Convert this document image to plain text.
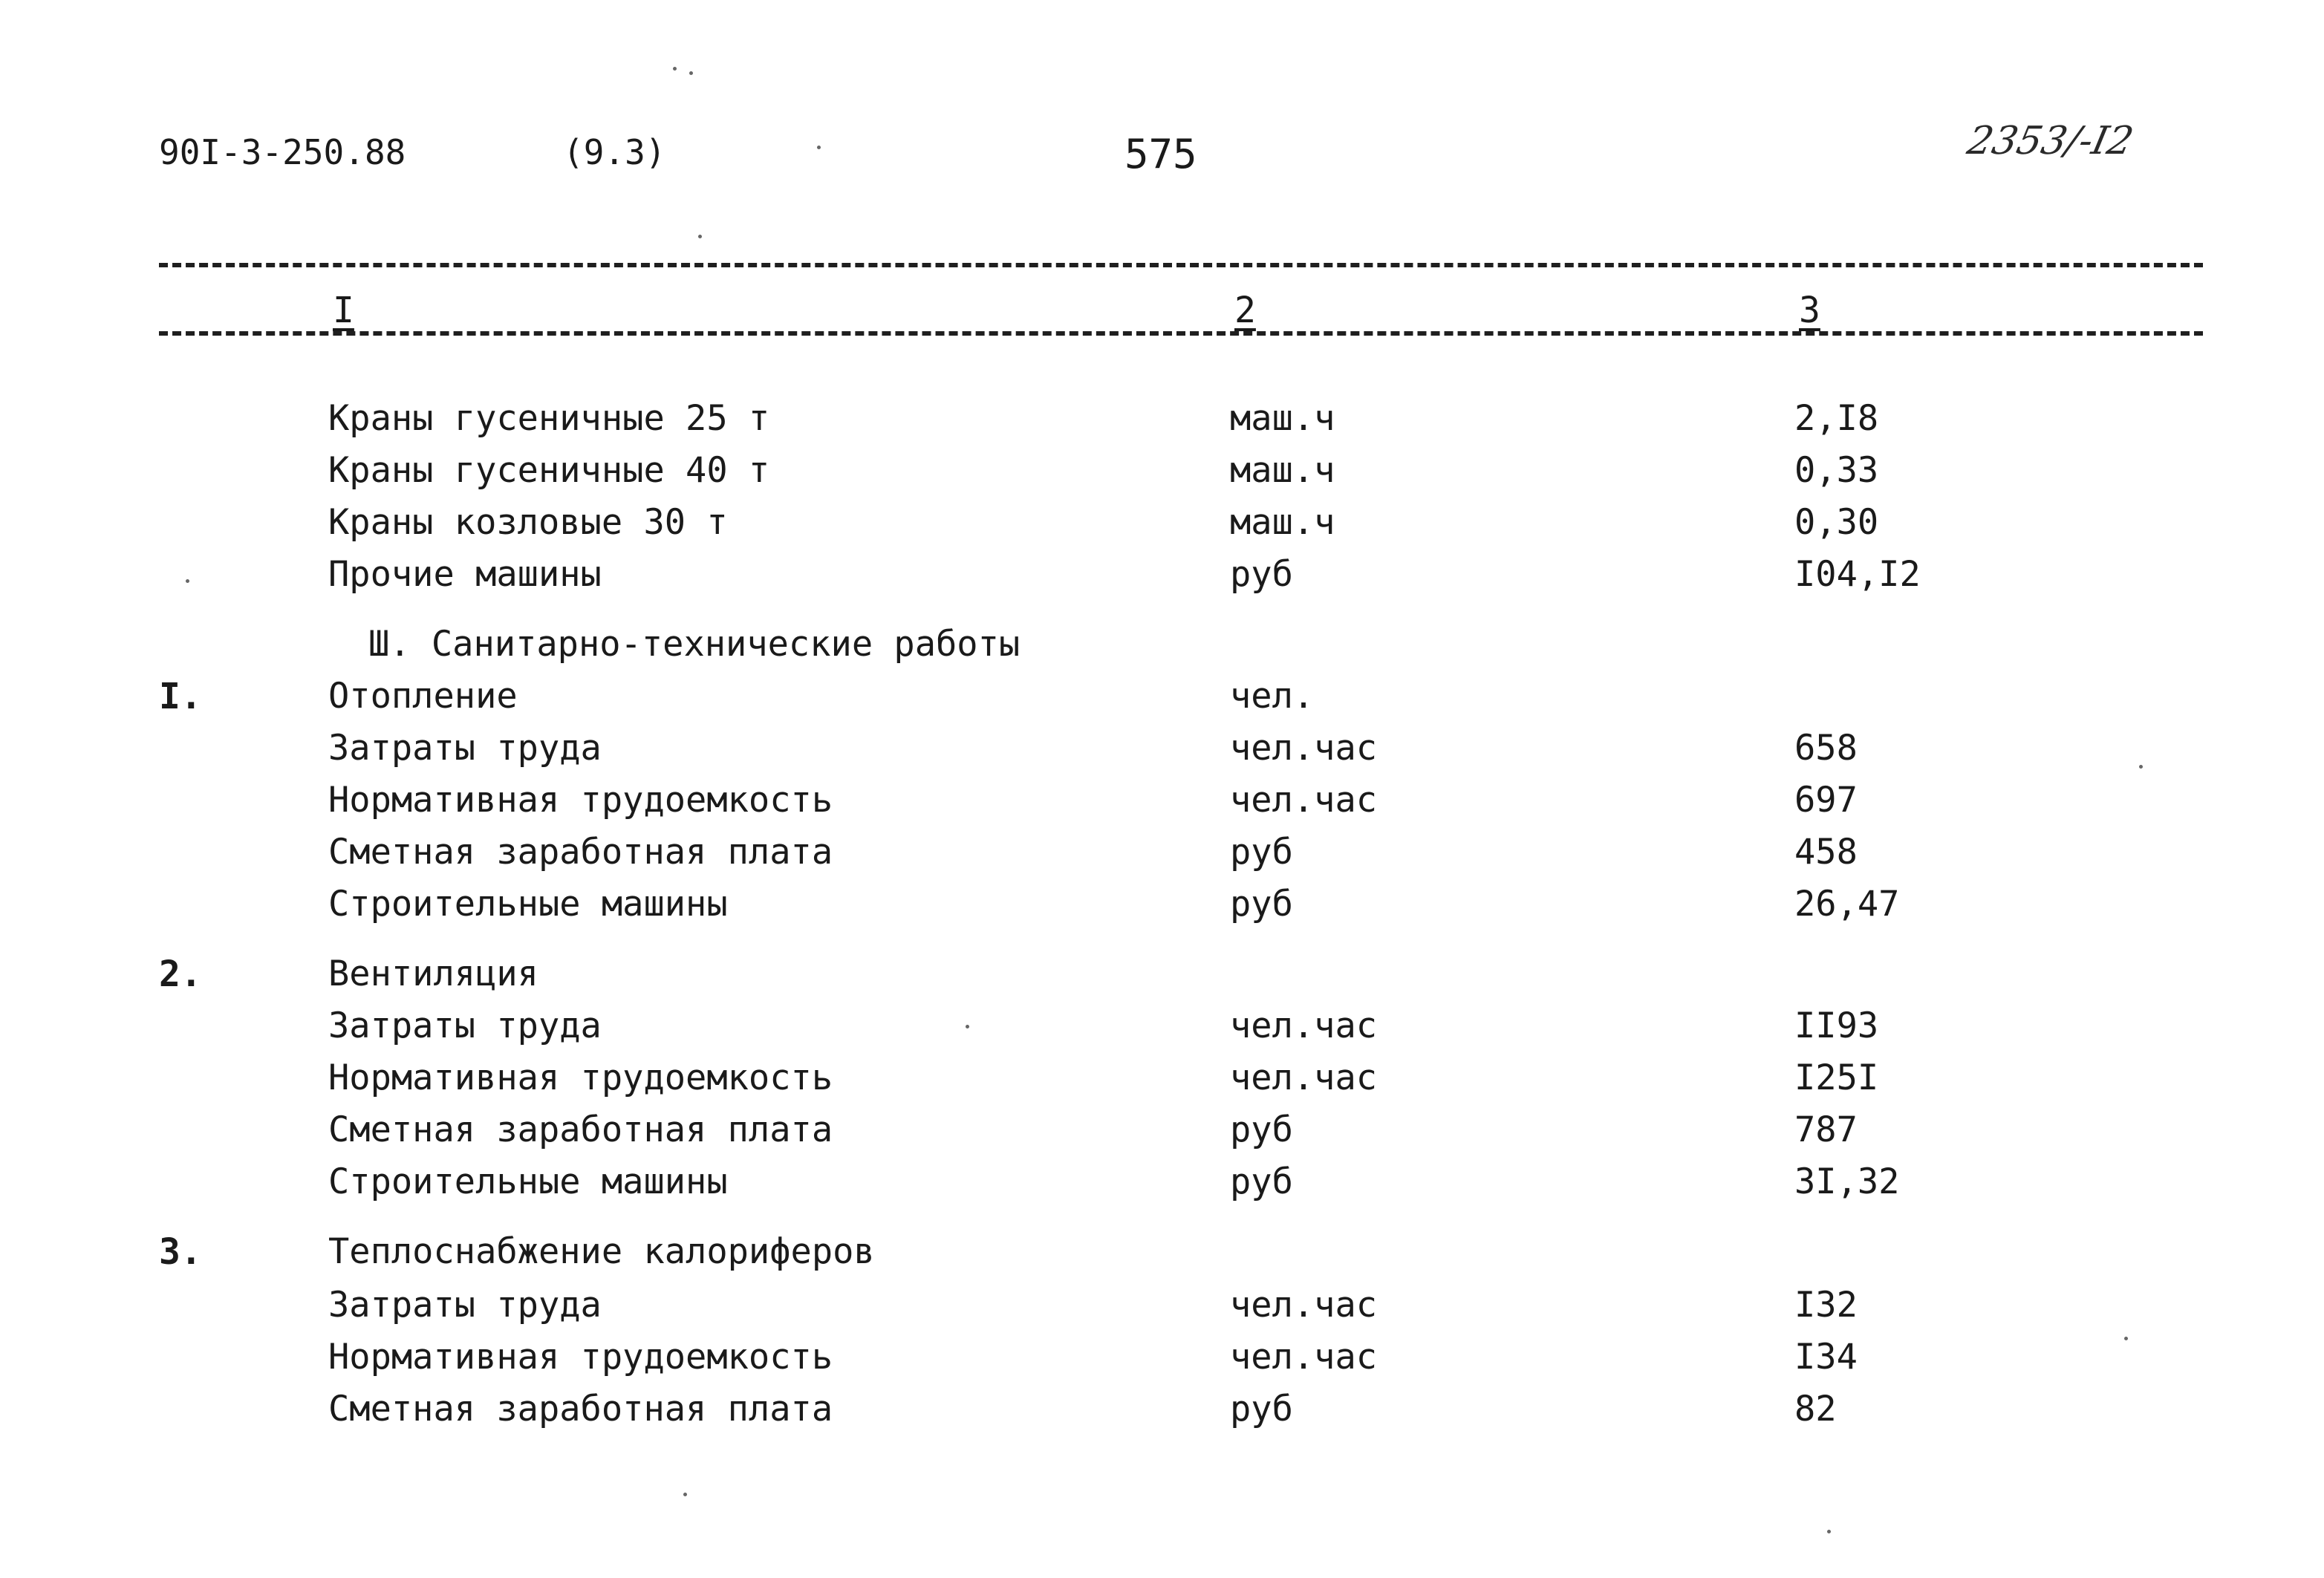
90I-3-250.88	(9.3)	575	2353/-I2
I	2	3
Краны гусеничные 25 т	маш.ч	2,I8
Краны гусеничные 40 т	маш.ч	0,33
Краны козловые 30 т	маш.ч	0,30
Прочие машины	руб	I04,I2
Ш. Санитарно-технические работы
I.	Отопление	чел.
Затраты труда	чел.час	658
Нормативная трудоемкость	чел.час	697
Сметная заработная плата	руб	458
Строительные машины	руб	26,47
2.	Вентиляция
Затраты труда	чел.час	II93
Нормативная трудоемкость	чел.час	I25I
Сметная заработная плата	руб	787
Строительные машины	руб	3I,32
3.	Теплоснабжение калориферов
Затраты труда	чел.час	I32
Нормативная трудоемкость	чел.час	I34
Сметная заработная плата	руб	82
